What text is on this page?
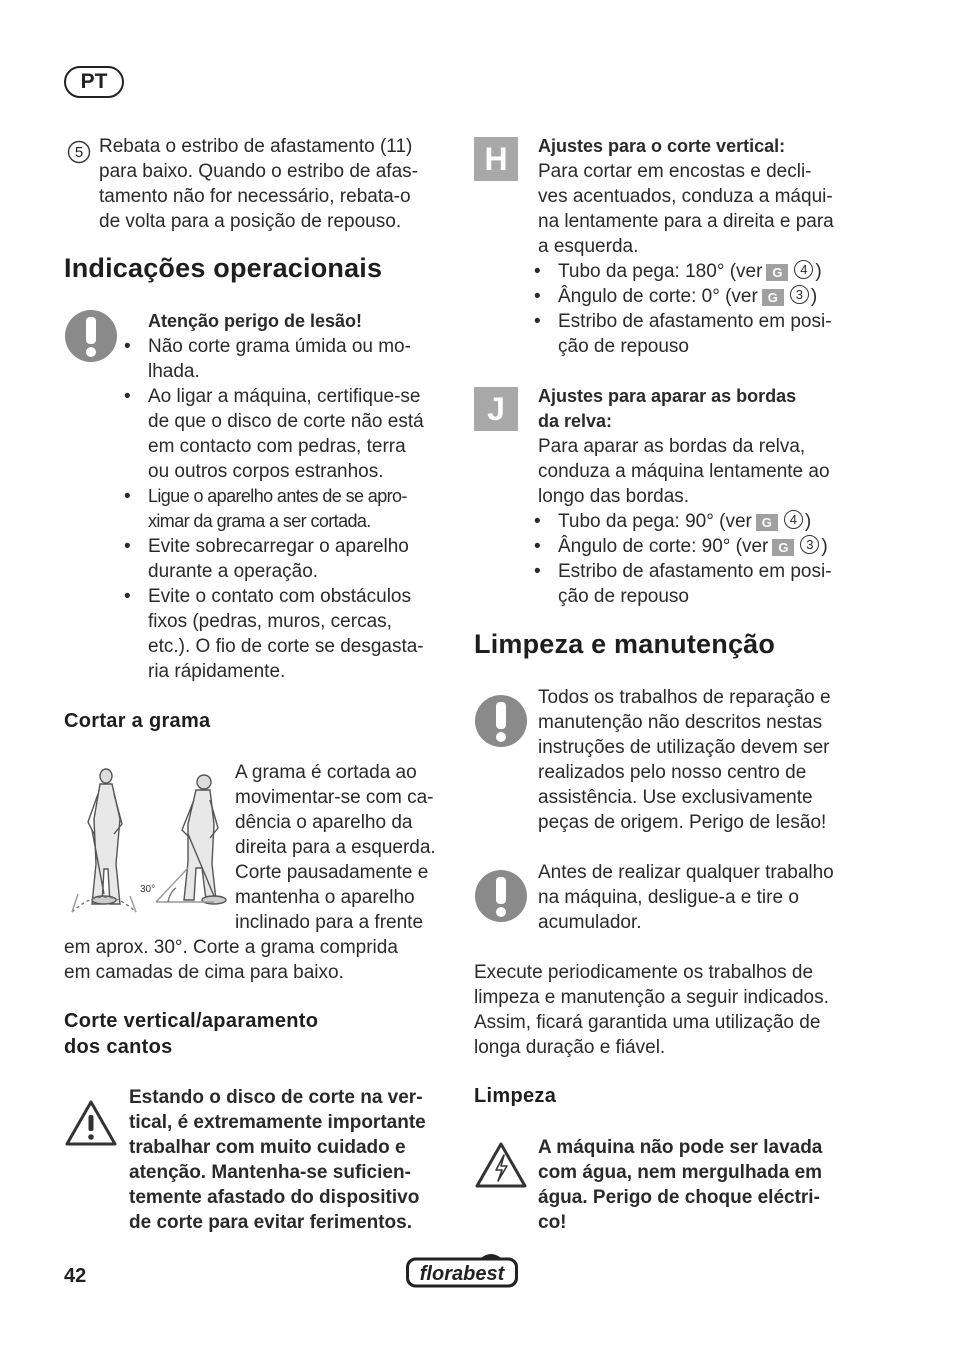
PT
5 Rebata o estribo de afastamento (11)
para baixo. Quando o estribo de afas-
tamento não for necessário, rebata-o
de volta para a posição de repouso.
Indicações operacionais
Atenção perigo de lesão!
• Não corte grama úmida ou mo-
lhada.
• Ao ligar a máquina, certifique-se
de que o disco de corte não está
em contacto com pedras, terra
ou outros corpos estranhos.
• Ligue o aparelho antes de se apro-
ximar da grama a ser cortada.
• Evite sobrecarregar o aparelho
durante a operação.
• Evite o contato com obstáculos
fixos (pedras, muros, cercas,
etc.). O fio de corte se desgasta-
ria rápidamente.
Cortar a grama
30°
A grama é cortada ao
movimentar-se com ca-
dência o aparelho da
direita para a esquerda.
Corte pausadamente e
mantenha o aparelho
inclinado para a frente
em aprox. 30°. Corte a grama comprida
em camadas de cima para baixo.
Corte vertical/aparamento
dos cantos
Estando o disco de corte na ver-
tical, é extremamente importante
trabalhar com muito cuidado e
atenção. Mantenha-se suficien-
temente afastado do dispositivo
de corte para evitar ferimentos.
H	Ajustes para o corte vertical:
Para cortar em encostas e decli-
ves acentuados, conduza a máqui-
na lentamente para a direita e para
a esquerda.
• Tubo da pega: 180° (ver G 4 )
• Ângulo de corte: 0° (ver G 3 )
• Estribo de afastamento em posi-
ção de repouso
J	Ajustes para aparar as bordas
da relva:
Para aparar as bordas da relva,
conduza a máquina lentamente ao
longo das bordas.
• Tubo da pega: 90° (ver G 4 )
• Ângulo de corte: 90° (ver G 3 )
• Estribo de afastamento em posi-
ção de repouso
Limpeza e manutenção
Todos os trabalhos de reparação e
manutenção não descritos nestas
instruções de utilização devem ser
realizados pelo nosso centro de
assistência. Use exclusivamente
peças de origem. Perigo de lesão!
Antes de realizar qualquer trabalho
na máquina, desligue-a e tire o
acumulador.
Execute periodicamente os trabalhos de
limpeza e manutenção a seguir indicados.
Assim, ficará garantida uma utilização de
longa duração e fiável.
Limpeza
A máquina não pode ser lavada
com água, nem mergulhada em
água. Perigo de choque eléctri-
co!
42	florabest
